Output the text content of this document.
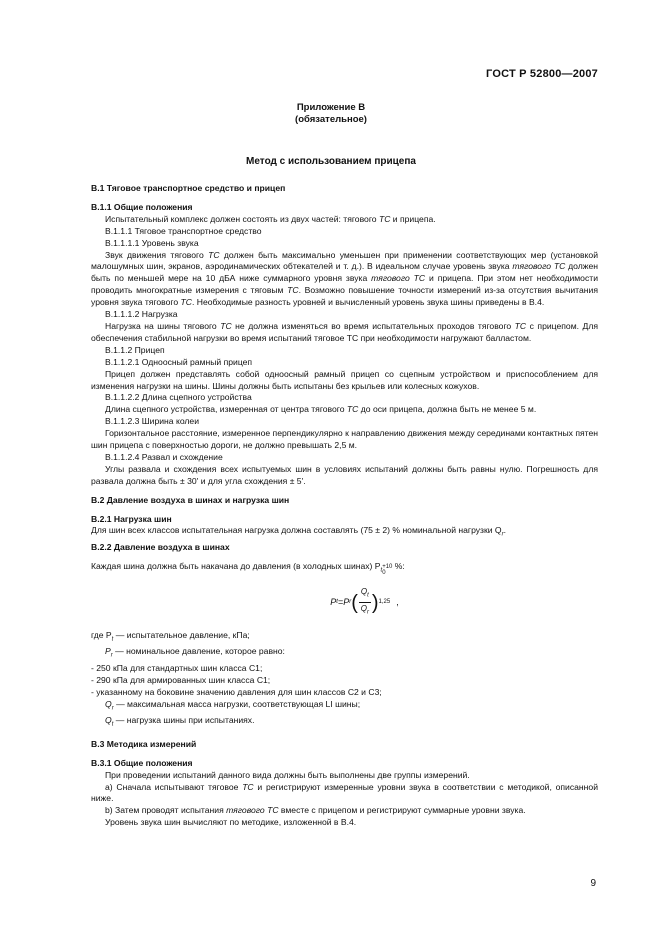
ГОСТ Р 52800—2007
Приложение В
(обязательное)
Метод с использованием прицепа

В.1 Тяговое транспортное средство и прицеп

В.1.1 Общие положения

Испытательный комплекс должен состоять из двух частей: тягового ТС и прицепа.

В.1.1.1 Тяговое транспортное средство

В.1.1.1.1 Уровень звука

Звук движения тягового ТС должен быть максимально уменьшен при применении соответствующих мер (установкой малошумных шин, экранов, аэродинамических обтекателей и т. д.). В идеальном случае уровень звука тягового ТС должен быть по меньшей мере на 10 дБА ниже суммарного уровня звука тягового ТС и прицепа. При этом нет необходимости проводить многократные измерения с тяговым ТС. Возможно повышение точности измерений из-за отсутствия вычитания уровня звука тягового ТС. Необходимые разность уровней и вычисленный уровень звука шины приведены в В.4.

В.1.1.1.2 Нагрузка

Нагрузка на шины тягового ТС не должна изменяться во время испытательных проходов тягового ТС с прицепом. Для обеспечения стабильной нагрузки во время испытаний тяговое ТС при необходимости нагружают балластом.

В.1.1.2 Прицеп

В.1.1.2.1 Одноосный рамный прицеп

Прицеп должен представлять собой одноосный рамный прицеп со сцепным устройством и приспособлением для изменения нагрузки на шины. Шины должны быть испытаны без крыльев или колесных кожухов.

В.1.1.2.2 Длина сцепного устройства

Длина сцепного устройства, измеренная от центра тягового ТС до оси прицепа, должна быть не менее 5 м.

В.1.1.2.3 Ширина колеи

Горизонтальное расстояние, измеренное перпендикулярно к направлению движения между серединами контактных пятен шин прицепа с поверхностью дороги, не должно превышать 2,5 м.

В.1.1.2.4 Развал и схождение

Углы развала и схождения всех испытуемых шин в условиях испытаний должны быть равны нулю. Погрешность для развала должна быть ± 30' и для угла схождения ± 5'.

В.2 Давление воздуха в шинах и нагрузка шин

В.2.1 Нагрузка шин

Для шин всех классов испытательная нагрузка должна составлять (75 ± 2) % номинальной нагрузки $Q_r$.

В.2.2 Давление воздуха в шинах

Каждая шина должна быть накачана до давления (в холодных шинах) $P_t$
+10
0
%:

P t = P r ( $\frac{Q_t}{Q_r}$ ) 1,25 ,

где $P_t$ — испытательное давление, кПа;

$P_r$ — номинальное давление, которое равно:

- 250 кПа для стандартных шин класса С1;

- 290 кПа для армированных шин класса С1;

- указанному на боковине значению давления для шин классов С2 и С3;

$Q_r$ — максимальная масса нагрузки, соответствующая LI шины;

$Q_t$ — нагрузка шины при испытаниях.

В.3 Методика измерений

В.3.1 Общие положения

При проведении испытаний данного вида должны быть выполнены две группы измерений.

a) Сначала испытывают тяговое ТС и регистрируют измеренные уровни звука в соответствии с методикой, описанной ниже.

b) Затем проводят испытания тягового ТС вместе с прицепом и регистрируют суммарные уровни звука.

Уровень звука шин вычисляют по методике, изложенной в В.4.

9
